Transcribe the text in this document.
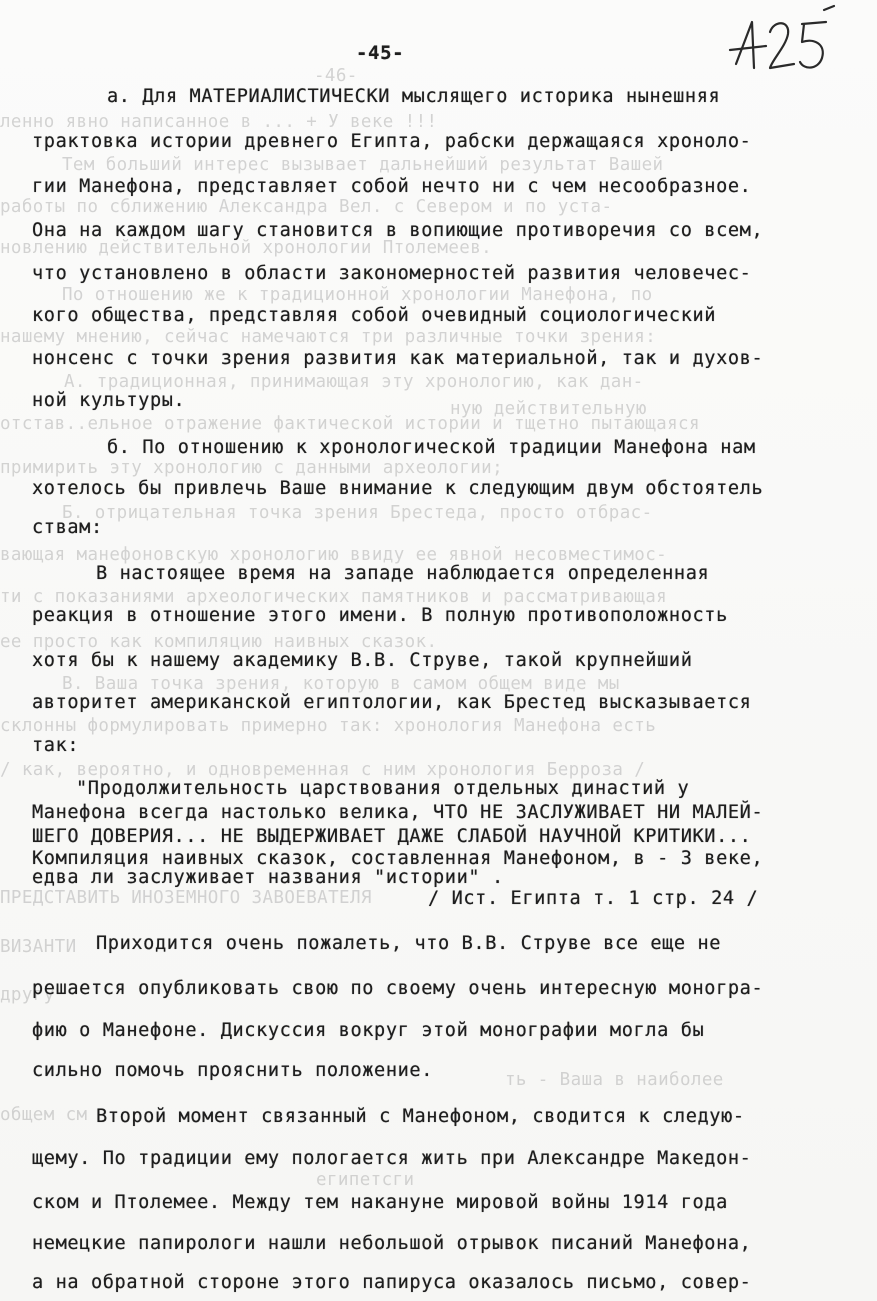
-46-
ленно явно написанное в ... + У веке !!!
Тем больший интерес вызывает дальнейший результат Вашей
работы по сближению Александра Вел. с Севером и по уста-
новлению действительной хронологии Птолемеев.
По отношению же к традиционной хронологии Манефона, по
нашему мнению, сейчас намечаются три различные точки зрения:
А. традиционная, принимающая эту хронологию, как дан-
ную действительную
отстав..ельное отражение фактической истории и тщетно пытающаяся
примирить эту хронологию с данными археологии;
Б. отрицательная точка зрения Брестеда, просто отбрас-
вающая манефоновскую хронологию ввиду ее явной несовместимос-
ти с показаниями археологических памятников и рассматривающая
ее просто как компиляцию наивных сказок.
В. Ваша точка зрения, которую в самом общем виде мы
склонны формулировать примерно так: хронология Манефона есть
/ как, вероятно, и одновременная с ним хронология Берроза /
ПРЕДСТАВИТЬ ИНОЗЕМНОГО ЗАВОЕВАТЕЛЯ
ВИЗАНТИ
другу
ть - Ваша в наиболее
общем см
египетсги
-45-
а. Для МАТЕРИАЛИСТИЧЕСКИ мыслящего историка нынешняя
трактовка истории древнего Египта, рабски держащаяся хроноло-
гии Манефона, представляет собой нечто ни с чем несообразное.
Она на каждом шагу становится в вопиющие противоречия со всем,
что установлено в области закономерностей развития человечес-
кого общества, представляя собой очевидный социологический
нонсенс с точки зрения развития как материальной, так и духов-
ной культуры.
б. По отношению к хронологической традиции Манефона нам
хотелось бы привлечь Ваше внимание к следующим двум обстоятель
ствам:
В настоящее время на западе наблюдается определенная
реакция в отношение этого имени. В полную противоположность
хотя бы к нашему академику В.В. Струве, такой крупнейший
авторитет американской египтологии, как Брестед высказывается
так:
"Продолжительность царствования отдельных династий у
Манефона всегда настолько велика, ЧТО НЕ ЗАСЛУЖИВАЕТ НИ МАЛЕЙ-
ШЕГО ДОВЕРИЯ... НЕ ВЫДЕРЖИВАЕТ ДАЖЕ СЛАБОЙ НАУЧНОЙ КРИТИКИ...
Компиляция наивных сказок, составленная Манефоном, в - 3 веке,
едва ли заслуживает названия "истории" .
/ Ист. Египта т. 1 стр. 24 /
Приходится очень пожалеть, что В.В. Струве все еще не
решается опубликовать свою по своему очень интересную моногра-
фию о Манефоне. Дискуссия вокруг этой монографии могла бы
сильно помочь прояснить положение.
Второй момент связанный с Манефоном, сводится к следую-
щему. По традиции ему пологается жить при Александре Македон-
ском и Птолемее. Между тем накануне мировой войны 1914 года
немецкие папирологи нашли небольшой отрывок писаний Манефона,
а на обратной стороне этого папируса оказалось письмо, совер-
